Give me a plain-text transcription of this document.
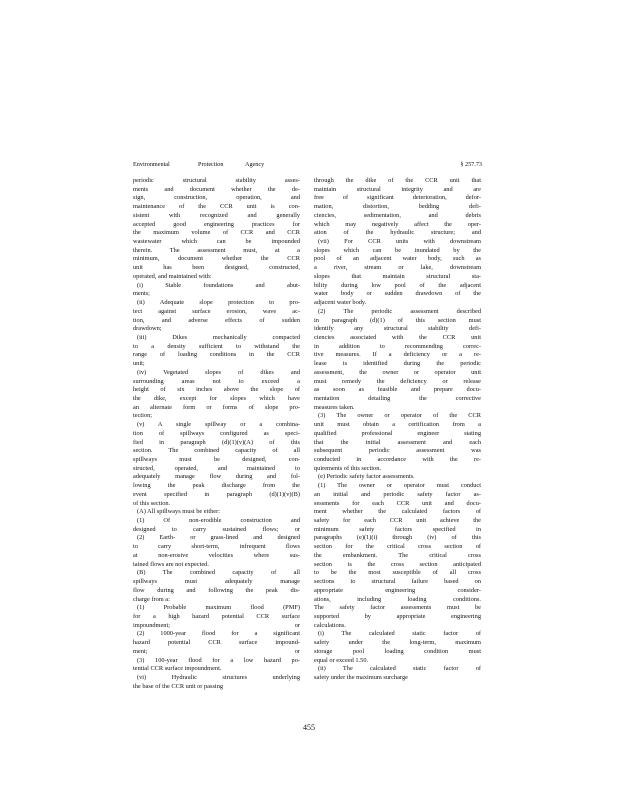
Environmental	Protection	Agency	§ 257.73

periodic structural stability asses-

ments and document whether the de-

sign, construction, operation, and

maintenance of the CCR unit is con-

sistent with recognized and generally

accepted good engineering practices for

the maximum volume of CCR and CCR

wastewater which can be impounded

therein. The assessment must, at a

minimum, document whether the CCR

unit has been designed, constructed,

operated, and maintained with:

(i) Stable foundations and abut-

ments;

(ii) Adequate slope protection to pro-

tect against surface erosion, wave ac-

tion, and adverse effects of sudden

drawdown;

(iii) Dikes mechanically compacted

to a density sufficient to withstand the

range of loading conditions in the CCR

unit;

(iv) Vegetated slopes of dikes and

surrounding areas not to exceed a

height of six inches above the slope of

the dike, except for slopes which have

an alternate form or forms of slope pro-

tection;

(v) A single spillway or a combina-

tion of spillways configured as speci-

fied in paragraph (d)(1)(v)(A) of this

section. The combined capacity of all

spillways must be designed, con-

structed, operated, and maintained to

adequately manage flow during and fol-

lowing the peak discharge from the

event specified in paragraph (d)(1)(v)(B)

of this section.

(A) All spillways must be either:

(1) Of non-erodible construction and

designed to carry sustained flows; or

(2) Earth- or grass-lined and designed

to carry short-term, infrequent flows

at non-erosive velocities where sus-

tained flows are not expected.

(B) The combined capacity of all

spillways must adequately manage

flow during and following the peak dis-

charge from a:

(1) Probable maximum flood (PMF)

for a high hazard potential CCR surface

impoundment; or

(2) 1000-year flood for a significant

hazard potential CCR surface impound-

ment; or

(3) 100-year flood for a low hazard po-

tential CCR surface impoundment.

(vi) Hydraulic structures underlying

the base of the CCR unit or passing

through the dike of the CCR unit that

maintain structural integrity and are

free of significant deterioration, defor-

mation, distortion, bedding defi-

ciencies, sedimentation, and debris

which may negatively affect the oper-

ation of the hydraulic structure; and

(vii) For CCR units with downstream

slopes which can be inundated by the

pool of an adjacent water body, such as

a river, stream or lake, downstream

slopes that maintain structural sta-

bility during low pool of the adjacent

water body or sudden drawdown of the

adjacent water body.

(2) The periodic assessment described

in paragraph (d)(1) of this section must

identify any structural stability defi-

ciencies associated with the CCR unit

in addition to recommending correc-

tive measures. If a deficiency or a re-

lease is identified during the periodic

assessment, the owner or operator unit

must remedy the deficiency or release

as soon as feasible and prepare docu-

mentation detailing the corrective

measures taken.

(3) The owner or operator of the CCR

unit must obtain a certification from a

qualified professional engineer stating

that the initial assessment and each

subsequent periodic assessment was

conducted in accordance with the re-

quirements of this section.

(e) Periodic safety factor assessments.

(1) The owner or operator must conduct

an initial and periodic safety factor as-

sessments for each CCR unit and docu-

ment whether the calculated factors of

safety for each CCR unit achieve the

minimum safety factors specified in

paragraphs (e)(1)(i) through (iv) of this

section for the critical cross section of

the embankment. The critical cross

section is the cross section anticipated

to be the most susceptible of all cross

sections to structural failure based on

appropriate engineering consider-

ations, including loading conditions.

The safety factor assessments must be

supported by appropriate engineering

calculations.

(i) The calculated static factor of

safety under the long-term, maximum

storage pool loading condition must

equal or exceed 1.50.

(ii) The calculated static factor of

safety under the maximum surcharge

455
